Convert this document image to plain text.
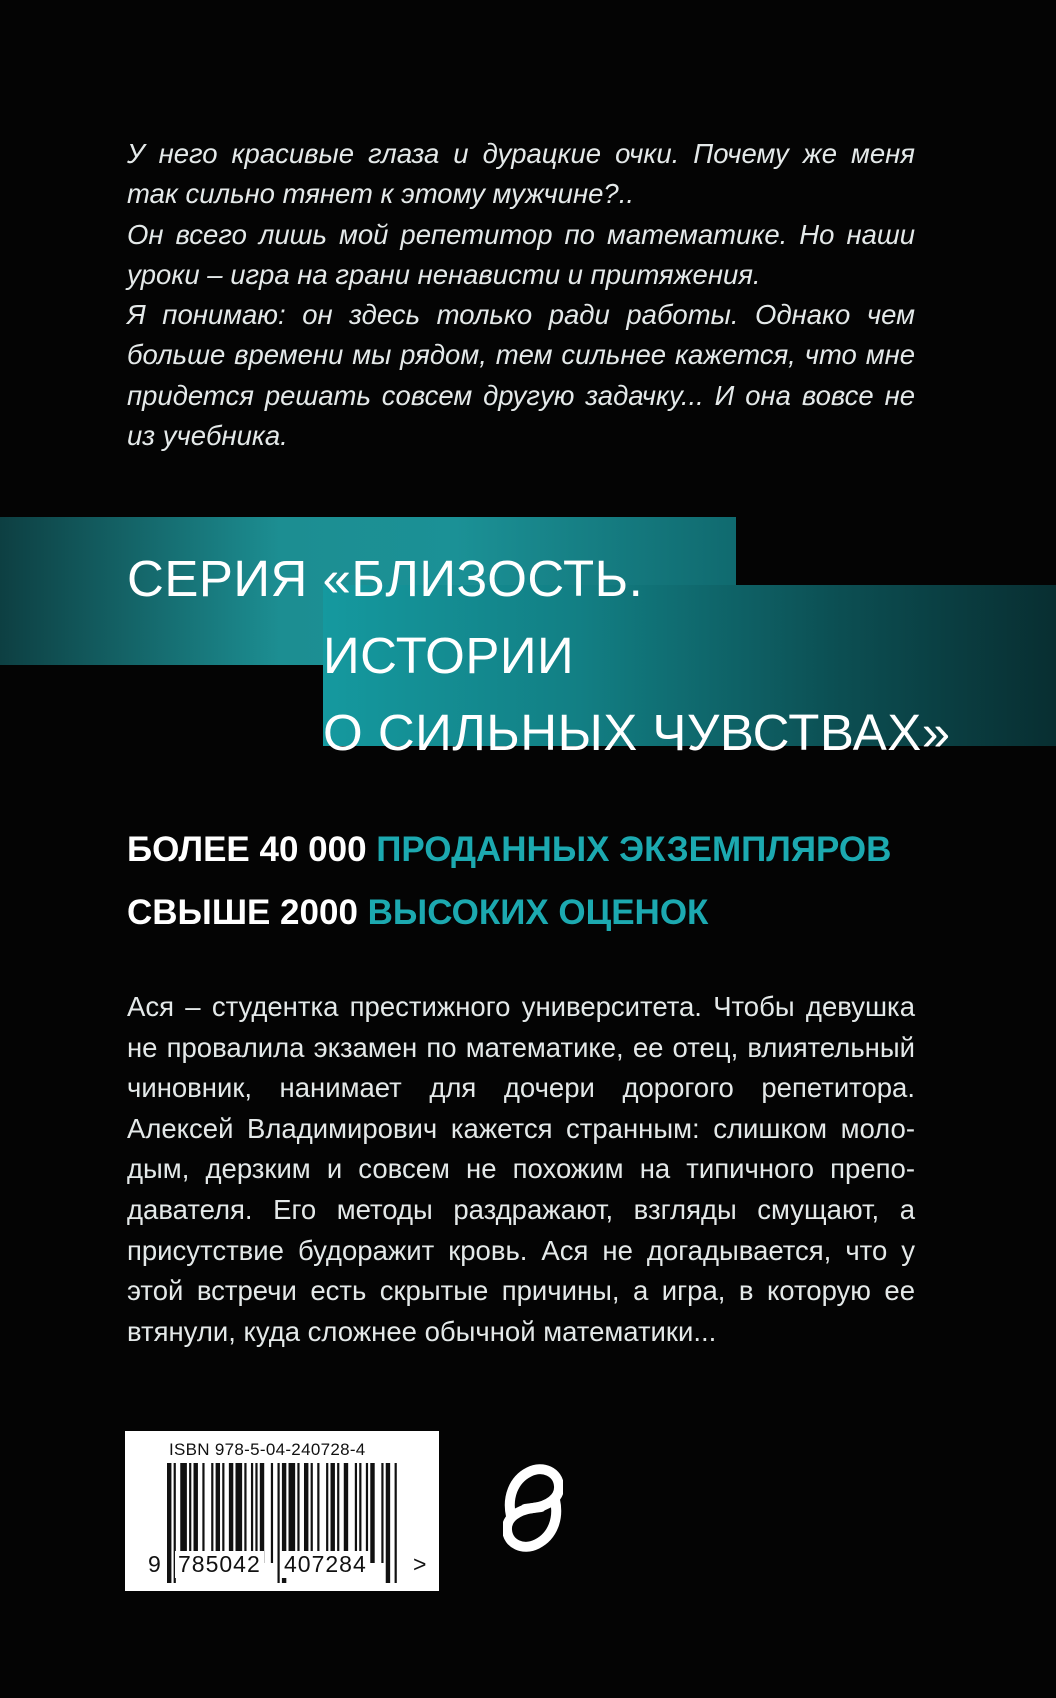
У него красивые глаза и дурацкие очки. Почему же меня так сильно тянет к этому мужчине?..

Он всего лишь мой репетитор по математике. Но наши уроки – игра на грани ненависти и притяжения.

Я понимаю: он здесь только ради работы. Однако чем больше времени мы рядом, тем сильнее кажется, что мне придется решать совсем другую задачку... И она вовсе не из учебника.

СЕРИЯ «БЛИЗОСТЬ.
ИСТОРИИ
О СИЛЬНЫХ ЧУВСТВАХ»
БОЛЕЕ 40 000 ПРОДАННЫХ ЭКЗЕМПЛЯРОВ
СВЫШЕ 2000 ВЫСОКИХ ОЦЕНОК
Ася – студентка престижного университета. Чтобы девушка не провалила экзамен по математике, ее отец, влиятельный чиновник, нанимает для дочери дорогого репетитора. Алексей Владимирович кажется странным: слишком молодым, дерзким и совсем не похожим на типичного преподавателя. Его методы раздражают, взгляды смущают, а присутствие будоражит кровь. Ася не догадывается, что у этой встречи есть скрытые причины, а игра, в которую ее втянули, куда сложнее обычной математики...
ISBN 978-5-04-240728-4
9 785042 407284 >
